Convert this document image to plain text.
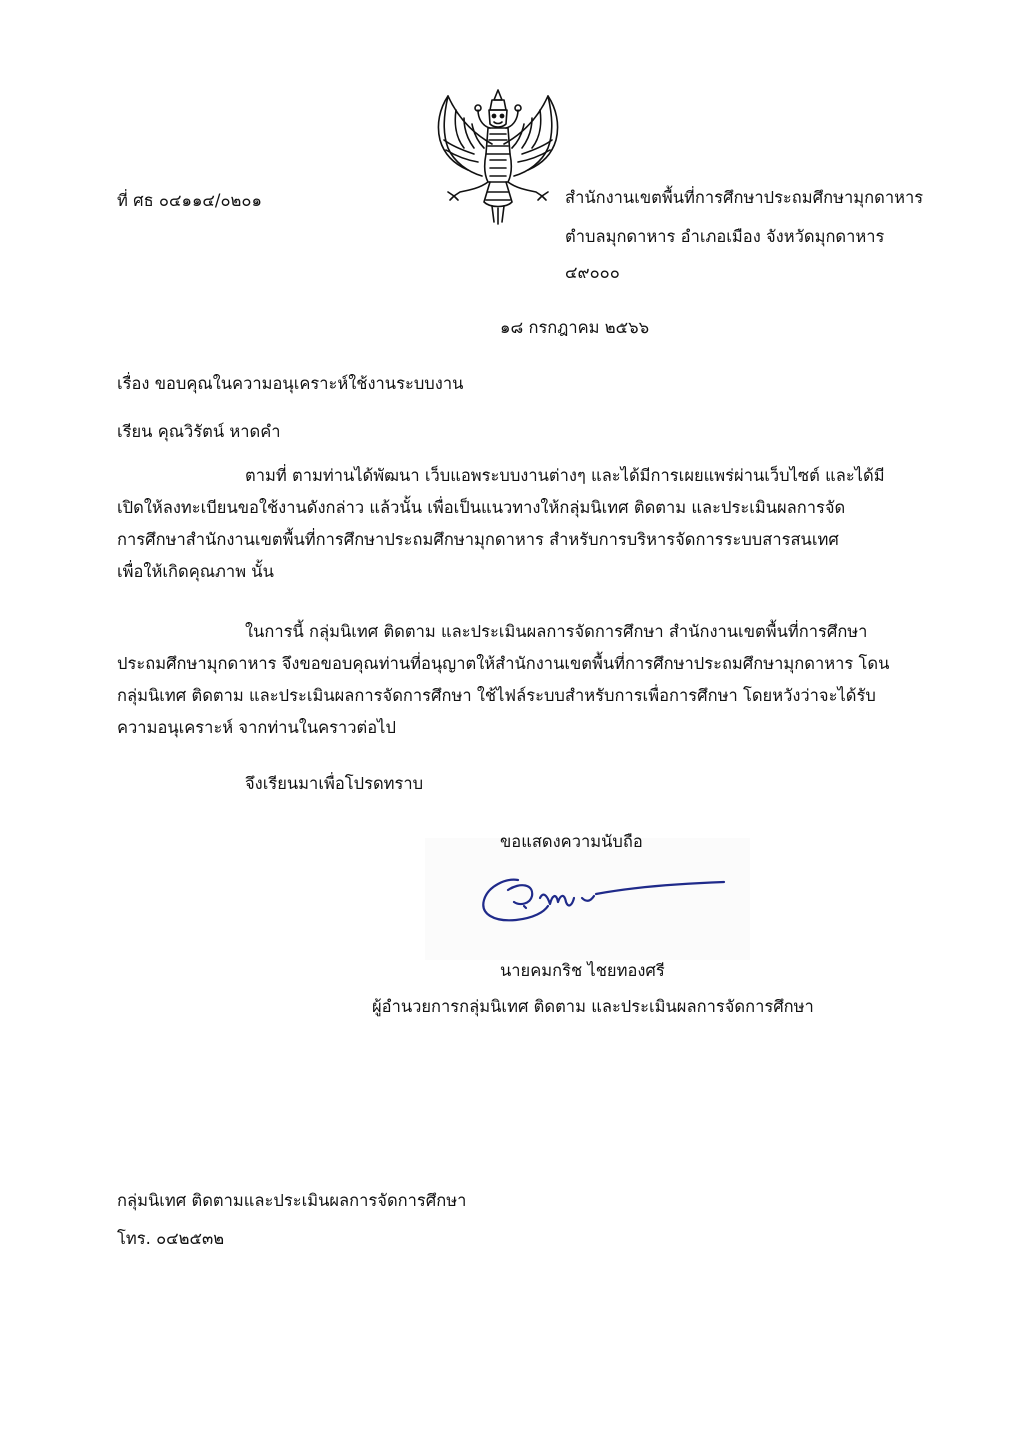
ที่ ศธ ๐๔๑๑๔/๐๒๐๑	สำนักงานเขตพื้นที่การศึกษาประถมศึกษามุกดาหาร
ตำบลมุกดาหาร อำเภอเมือง จังหวัดมุกดาหาร
๔๙๐๐๐
๑๘ กรกฎาคม ๒๕๖๖
เรื่อง ขอบคุณในความอนุเคราะห์ใช้งานระบบงาน
เรียน คุณวิรัตน์ หาดคำ
ตามที่ ตามท่านได้พัฒนา เว็บแอพระบบงานต่างๆ และได้มีการเผยแพร่ผ่านเว็บไซต์ และได้มี
เปิดให้ลงทะเบียนขอใช้งานดังกล่าว แล้วนั้น เพื่อเป็นแนวทางให้กลุ่มนิเทศ ติดตาม และประเมินผลการจัด
การศึกษาสำนักงานเขตพื้นที่การศึกษาประถมศึกษามุกดาหาร สำหรับการบริหารจัดการระบบสารสนเทศ
เพื่อให้เกิดคุณภาพ นั้น
ในการนี้ กลุ่มนิเทศ ติดตาม และประเมินผลการจัดการศึกษา สำนักงานเขตพื้นที่การศึกษา
ประถมศึกษามุกดาหาร จึงขอขอบคุณท่านที่อนุญาตให้สำนักงานเขตพื้นที่การศึกษาประถมศึกษามุกดาหาร โดน
กลุ่มนิเทศ ติดตาม และประเมินผลการจัดการศึกษา ใช้ไฟล์ระบบสำหรับการเพื่อการศึกษา โดยหวังว่าจะได้รับ
ความอนุเคราะห์ จากท่านในคราวต่อไป
จึงเรียนมาเพื่อโปรดทราบ
ขอแสดงความนับถือ
นายคมกริช ไชยทองศรี
ผู้อำนวยการกลุ่มนิเทศ ติดตาม และประเมินผลการจัดการศึกษา
กลุ่มนิเทศ ติดตามและประเมินผลการจัดการศึกษา
โทร. ๐๔๒๕๓๒
